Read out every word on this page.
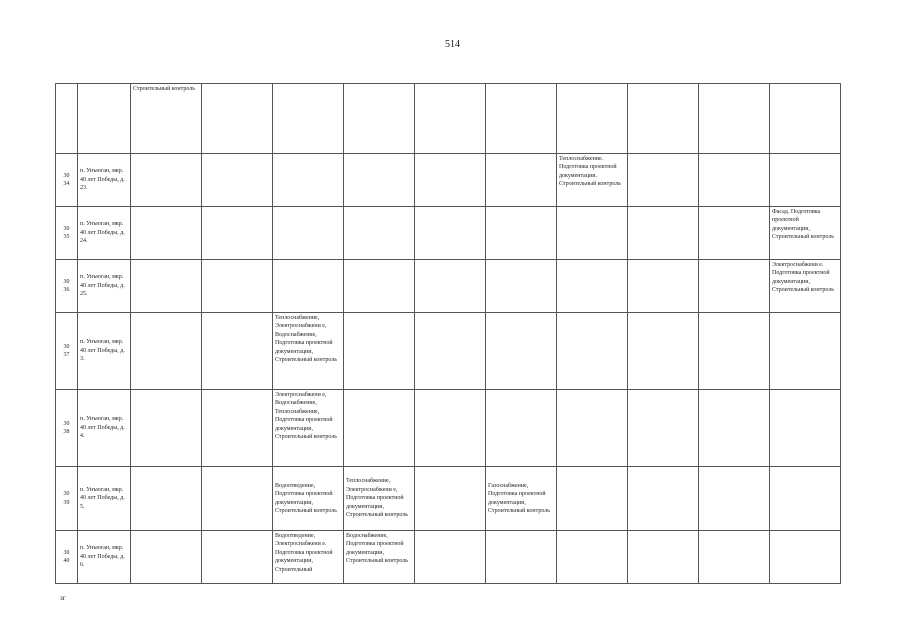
514

		Строительный контроль									

30
34	п. Унъюган, мкр. 40 лет Победы, д. 23.							Теплоснабжение. Подготовка проектной документации. Строительный контроль			
30
35	п. Унъюган, мкр. 40 лет Победы, д. 24.										Фасад. Подготовка проектной документации, Строительный контроль
30
36	п. Унъюган, мкр. 40 лет Победы, д. 25.										Электроснабжени е. Подготовка проектной документации, Строительный контроль
30
37	п. Унъюган, мкр. 40 лет Победы, д. 3.			Теплоснабжение, Электроснабжени е, Водоснабжение, Подготовка проектной документации, Строительный контроль							
30
38	п. Унъюган, мкр. 40 лет Победы, д. 4.			Электроснабжени е, Водоснабжение, Теплоснабжение, Подготовка проектной документации, Строительный контроль							
30
39	п. Унъюган, мкр. 40 лет Победы, д. 5.			Водоотведение, Подготовка проектной документации, Строительный контроль	Теплоснабжение, Электроснабжени е, Подготовка проектной документации, Строительный контроль		Газоснабжение, Подготовка проектной документации, Строительный контроль				
30
40	п. Унъюган, мкр. 40 лет Победы, д. 6.			Водоотведение, Электроснабжени е. Подготовка проектной документации, Строительный	Водоснабжение, Подготовка проектной документации, Строительный контроль						
зг
